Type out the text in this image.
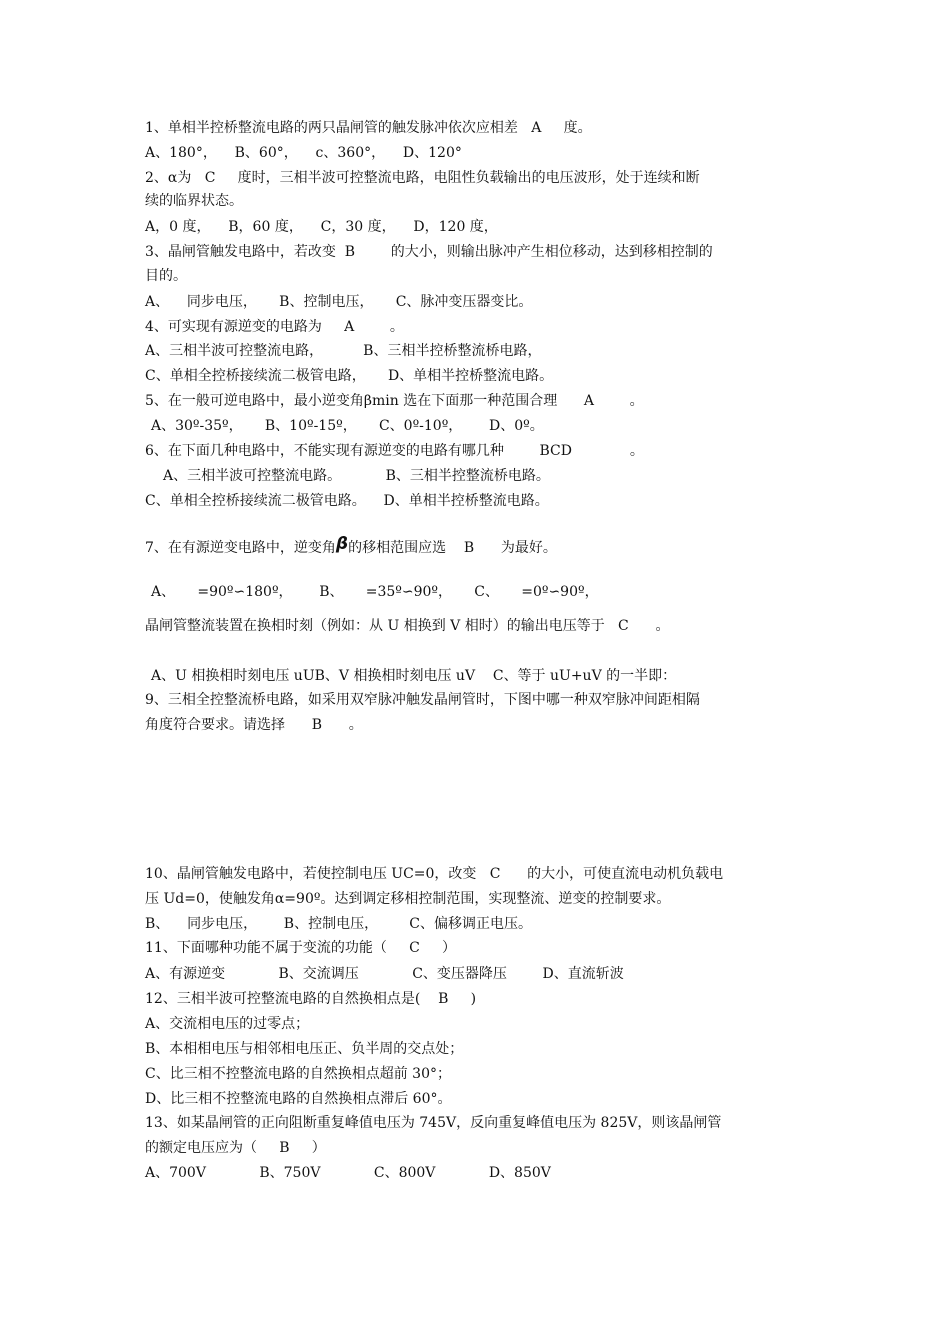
1、单相半控桥整流电路的两只晶闸管的触发脉冲依次应相差   A     度。
A、180°，    B、60°，    c、360°，    D、120°
2、α为   C     度时，三相半波可控整流电路，电阻性负载输出的电压波形，处于连续和断
续的临界状态。
A，0 度，    B，60 度，    C，30 度，    D，120 度，
3、晶闸管触发电路中，若改变  B        的大小，则输出脉冲产生相位移动，达到移相控制的
目的。
A、    同步电压，     B、控制电压，     C、脉冲变压器变比。
4、可实现有源逆变的电路为     A        。
A、三相半波可控整流电路，         B、三相半控桥整流桥电路，
C、单相全控桥接续流二极管电路，     D、单相半控桥整流电路。
5、在一般可逆电路中，最小逆变角βmin 选在下面那一种范围合理      A        。
A、30º-35º，     B、10º-15º，     C、0º-10º，      D、0º。
6、在下面几种电路中，不能实现有源逆变的电路有哪几种        BCD             。
A、三相半波可控整流电路。          B、三相半控整流桥电路。
C、单相全控桥接续流二极管电路。    D、单相半控桥整流电路。
7、在有源逆变电路中，逆变角β的移相范围应选    B      为最好。
A、     =90º∽180º，      B、     =35º∽90º，     C、     =0º∽90º，
晶闸管整流装置在换相时刻（例如：从 U 相换到 V 相时）的输出电压等于   C      。
A、U 相换相时刻电压 uUB、V 相换相时刻电压 uV    C、等于 uU+uV 的一半即：
9、三相全控整流桥电路，如采用双窄脉冲触发晶闸管时，下图中哪一种双窄脉冲间距相隔
角度符合要求。请选择      B      。
10、晶闸管触发电路中，若使控制电压 UC=0，改变   C      的大小，可使直流电动机负载电
压 Ud=0，使触发角α=90º。达到调定移相控制范围，实现整流、逆变的控制要求。
B、    同步电压，      B、控制电压，       C、偏移调正电压。
11、下面哪种功能不属于变流的功能（     C     ）
A、有源逆变            B、交流调压            C、变压器降压        D、直流斩波
12、三相半波可控整流电路的自然换相点是(    B     )
A、交流相电压的过零点；
B、本相相电压与相邻相电压正、负半周的交点处；
C、比三相不控整流电路的自然换相点超前 30°；
D、比三相不控整流电路的自然换相点滞后 60°。
13、如某晶闸管的正向阻断重复峰值电压为 745V，反向重复峰值电压为 825V，则该晶闸管
的额定电压应为（     B     ）
A、700V            B、750V            C、800V            D、850V
